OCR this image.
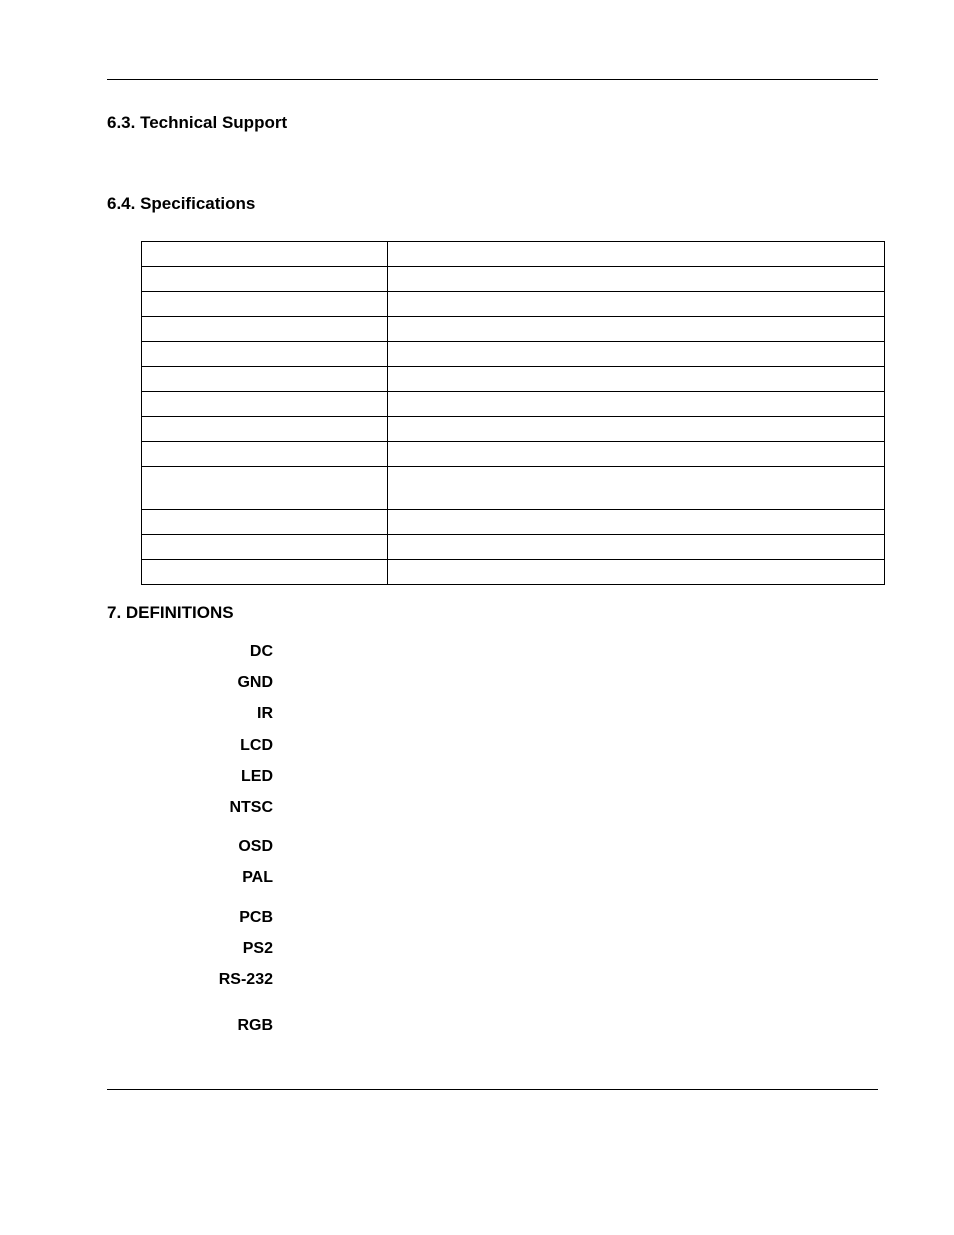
6.3. Technical Support
6.4. Specifications

7. DEFINITIONS
DC
GND
IR
LCD
LED
NTSC
OSD
PAL
PCB
PS2
RS-232
RGB
